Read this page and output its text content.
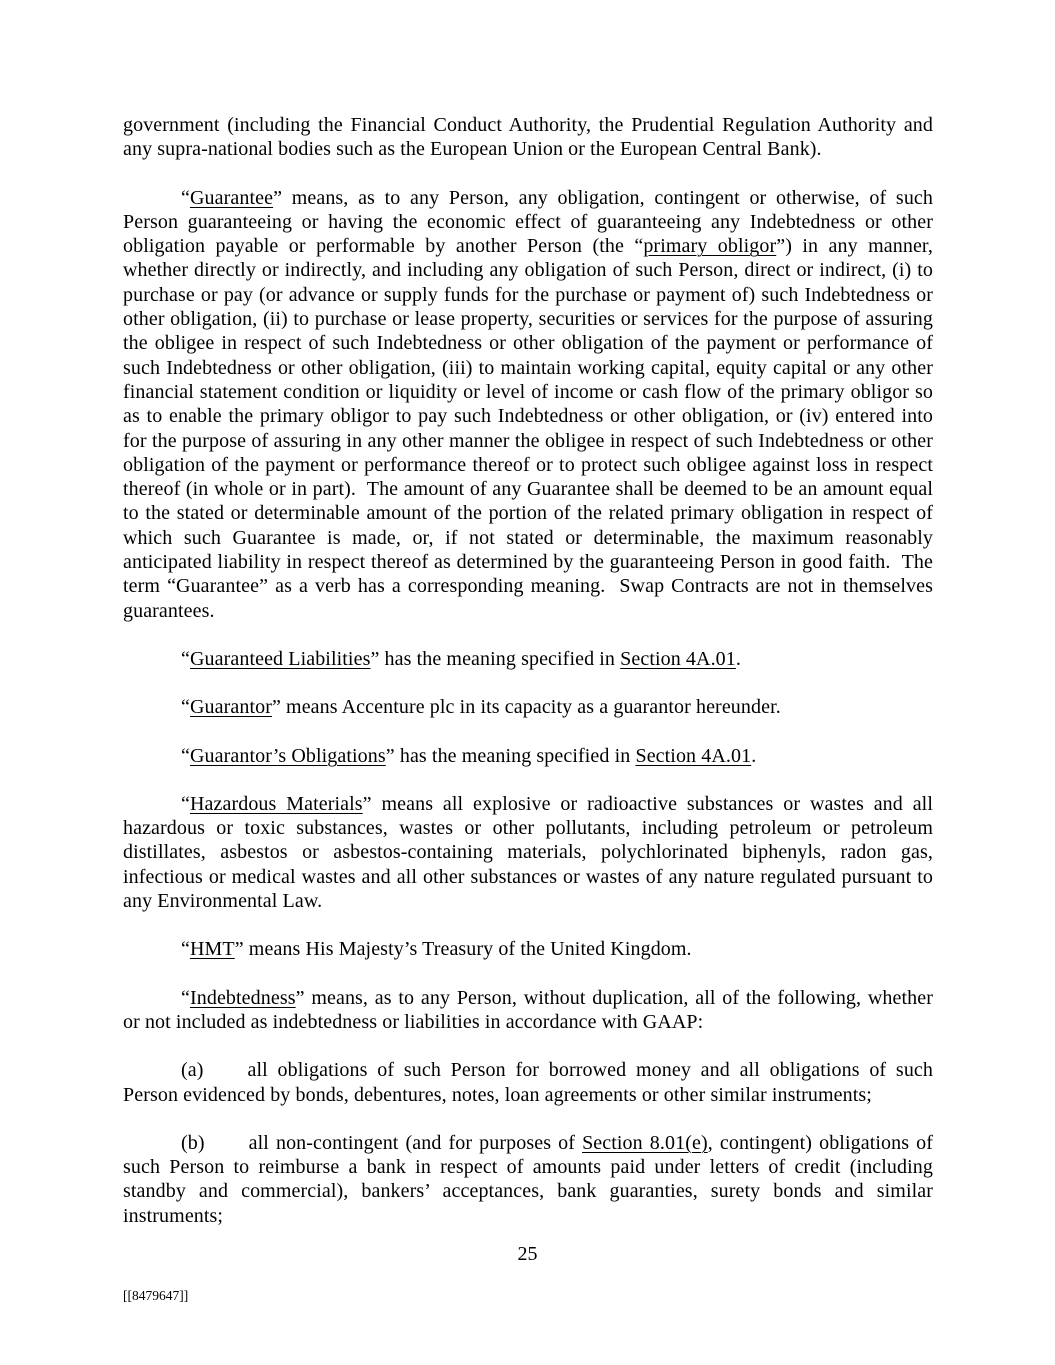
government (including the Financial Conduct Authority, the Prudential Regulation Authority and any supra-national bodies such as the European Union or the European Central Bank).

“Guarantee” means, as to any Person, any obligation, contingent or otherwise, of such Person guaranteeing or having the economic effect of guaranteeing any Indebtedness or other obligation payable or performable by another Person (the “primary obligor”) in any manner, whether directly or indirectly, and including any obligation of such Person, direct or indirect, (i) to purchase or pay (or advance or supply funds for the purchase or payment of) such Indebtedness or other obligation, (ii) to purchase or lease property, securities or services for the purpose of assuring the obligee in respect of such Indebtedness or other obligation of the payment or performance of such Indebtedness or other obligation, (iii) to maintain working capital, equity capital or any other financial statement condition or liquidity or level of income or cash flow of the primary obligor so as to enable the primary obligor to pay such Indebtedness or other obligation, or (iv) entered into for the purpose of assuring in any other manner the obligee in respect of such Indebtedness or other obligation of the payment or performance thereof or to protect such obligee against loss in respect thereof (in whole or in part).  The amount of any Guarantee shall be deemed to be an amount equal to the stated or determinable amount of the portion of the related primary obligation in respect of which such Guarantee is made, or, if not stated or determinable, the maximum reasonably anticipated liability in respect thereof as determined by the guaranteeing Person in good faith.  The term “Guarantee” as a verb has a corresponding meaning.  Swap Contracts are not in themselves guarantees.

“Guaranteed Liabilities” has the meaning specified in Section 4A.01.

“Guarantor” means Accenture plc in its capacity as a guarantor hereunder.

“Guarantor’s Obligations” has the meaning specified in Section 4A.01.

“Hazardous Materials” means all explosive or radioactive substances or wastes and all hazardous or toxic substances, wastes or other pollutants, including petroleum or petroleum distillates, asbestos or asbestos-containing materials, polychlorinated biphenyls, radon gas, infectious or medical wastes and all other substances or wastes of any nature regulated pursuant to any Environmental Law.

“HMT” means His Majesty’s Treasury of the United Kingdom.

“Indebtedness” means, as to any Person, without duplication, all of the following, whether or not included as indebtedness or liabilities in accordance with GAAP:

(a) all obligations of such Person for borrowed money and all obligations of such Person evidenced by bonds, debentures, notes, loan agreements or other similar instruments;

(b) all non-contingent (and for purposes of Section 8.01(e), contingent) obligations of such Person to reimburse a bank in respect of amounts paid under letters of credit (including standby and commercial), bankers’ acceptances, bank guaranties, surety bonds and similar instruments;

25
[[8479647]]
